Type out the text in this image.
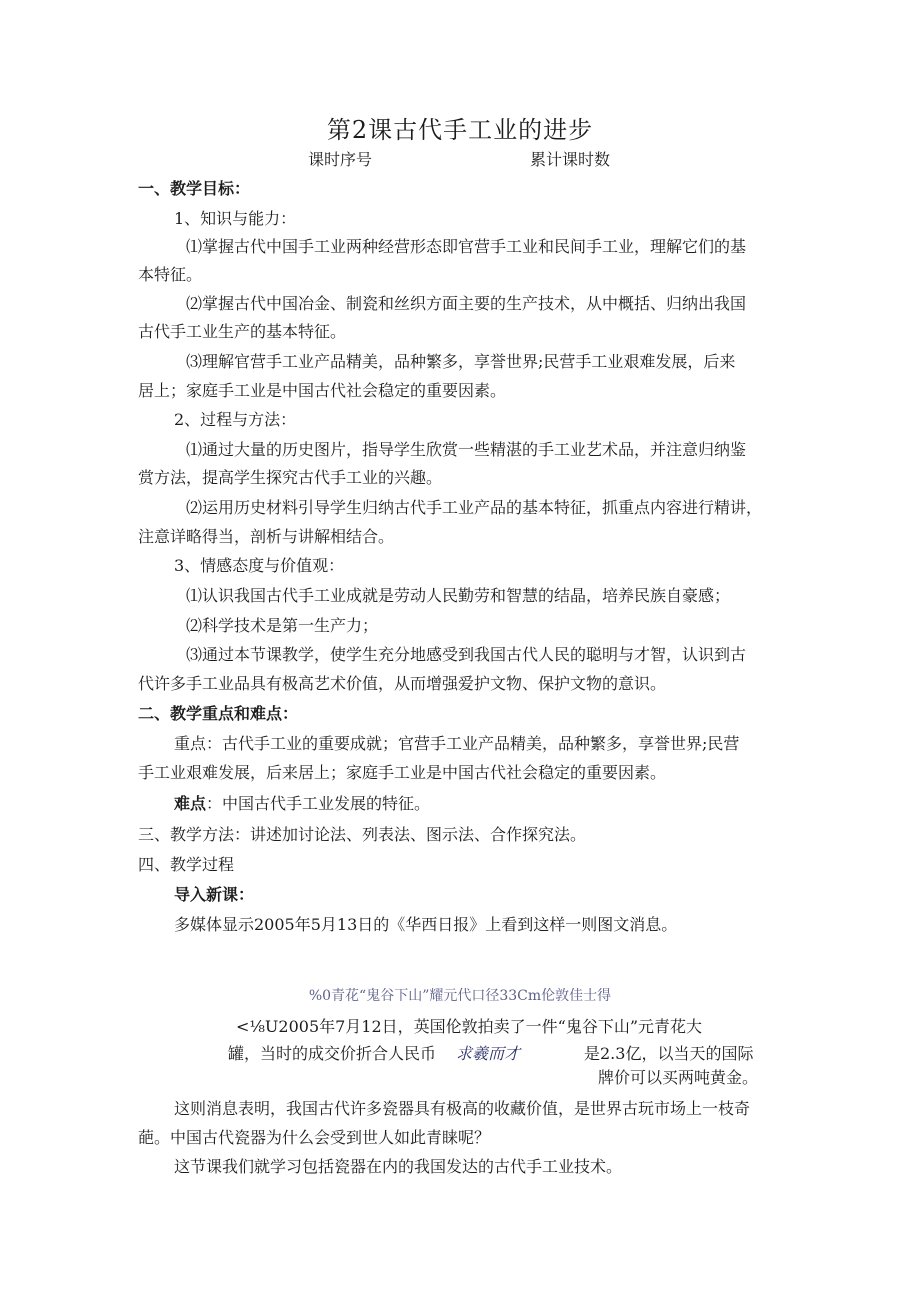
第2课古代手工业的进步
课时序号	累计课时数
一、教学目标：
1、知识与能力：
⑴掌握古代中国手工业两种经营形态即官营手工业和民间手工业，理解它们的基
本特征。
⑵掌握古代中国冶金、制瓷和丝织方面主要的生产技术，从中概括、归纳出我国
古代手工业生产的基本特征。
⑶理解官营手工业产品精美，品种繁多，享誉世界;民营手工业艰难发展，后来
居上；家庭手工业是中国古代社会稳定的重要因素。
2、过程与方法：
⑴通过大量的历史图片，指导学生欣赏一些精湛的手工业艺术品，并注意归纳鉴
赏方法，提高学生探究古代手工业的兴趣。
⑵运用历史材料引导学生归纳古代手工业产品的基本特征，抓重点内容进行精讲，
注意详略得当，剖析与讲解相结合。
3、情感态度与价值观：
⑴认识我国古代手工业成就是劳动人民勤劳和智慧的结晶，培养民族自豪感；
⑵科学技术是第一生产力；
⑶通过本节课教学，使学生充分地感受到我国古代人民的聪明与才智，认识到古
代许多手工业品具有极高艺术价值，从而增强爱护文物、保护文物的意识。
二、教学重点和难点：
重点：古代手工业的重要成就；官营手工业产品精美，品种繁多，享誉世界;民营
手工业艰难发展，后来居上；家庭手工业是中国古代社会稳定的重要因素。
难点：中国古代手工业发展的特征。
三、教学方法：讲述加讨论法、列表法、图示法、合作探究法。
四、教学过程
导入新课：
多媒体显示2005年5月13日的《华西日报》上看到这样一则图文消息。
%0青花“鬼谷下山”耀元代口径33Cm伦敦佳士得
<⅛U2005年7月12日，英国伦敦拍卖了一件“鬼谷下山”元青花大
罐，当时的成交价折合人民币 求羲而才	是2.3亿，以当天的国际
牌价可以买两吨黄金。
这则消息表明，我国古代许多瓷器具有极高的收藏价值，是世界古玩市场上一枝奇
葩。中国古代瓷器为什么会受到世人如此青睐呢？
这节课我们就学习包括瓷器在内的我国发达的古代手工业技术。
